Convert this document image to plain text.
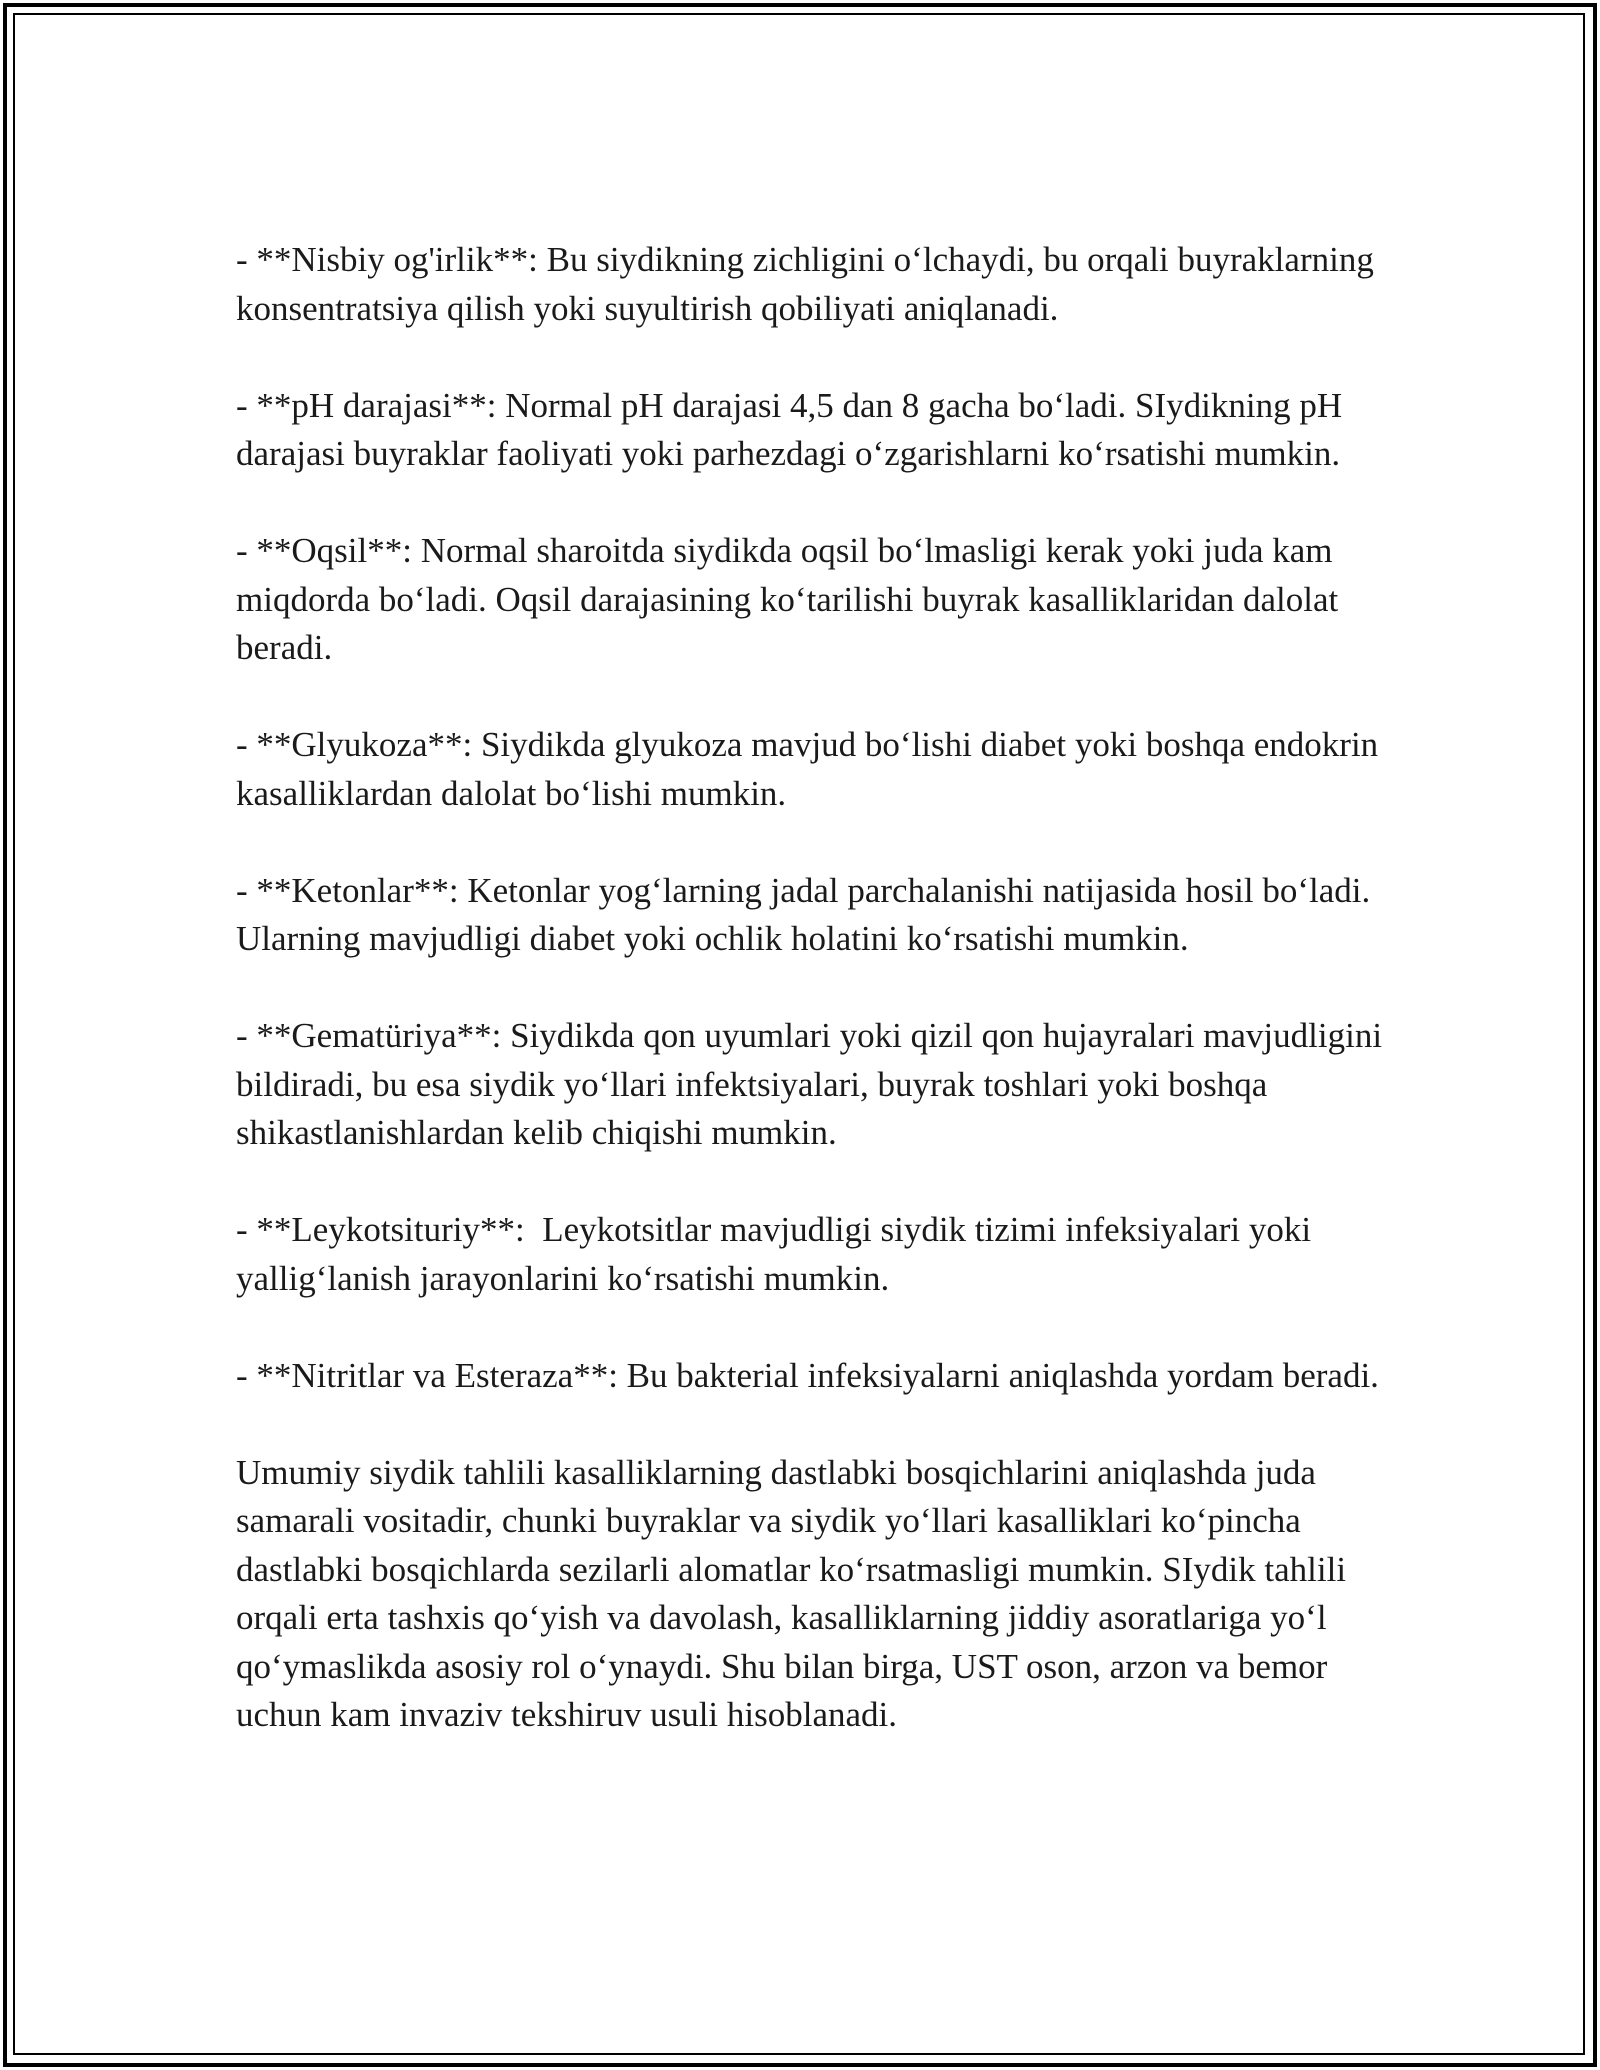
- **Nisbiy og'irlik**: Bu siydikning zichligini o‘lchaydi, bu orqali buyraklarning konsentratsiya qilish yoki suyultirish qobiliyati aniqlanadi.

- **pH darajasi**: Normal pH darajasi 4,5 dan 8 gacha bo‘ladi. SIydikning pH darajasi buyraklar faoliyati yoki parhezdagi o‘zgarishlarni ko‘rsatishi mumkin.

- **Oqsil**: Normal sharoitda siydikda oqsil bo‘lmasligi kerak yoki juda kam miqdorda bo‘ladi. Oqsil darajasining ko‘tarilishi buyrak kasalliklaridan dalolat beradi.

- **Glyukoza**: Siydikda glyukoza mavjud bo‘lishi diabet yoki boshqa endokrin kasalliklardan dalolat bo‘lishi mumkin.

- **Ketonlar**: Ketonlar yog‘larning jadal parchalanishi natijasida hosil bo‘ladi. Ularning mavjudligi diabet yoki ochlik holatini ko‘rsatishi mumkin.

- **Gematüriya**: Siydikda qon uyumlari yoki qizil qon hujayralari mavjudligini bildiradi, bu esa siydik yo‘llari infektsiyalari, buyrak toshlari yoki boshqa shikastlanishlardan kelib chiqishi mumkin.

- **Leykotsituriy**:  Leykotsitlar mavjudligi siydik tizimi infeksiyalari yoki yallig‘lanish jarayonlarini ko‘rsatishi mumkin.

- **Nitritlar va Esteraza**: Bu bakterial infeksiyalarni aniqlashda yordam beradi.

Umumiy siydik tahlili kasalliklarning dastlabki bosqichlarini aniqlashda juda samarali vositadir, chunki buyraklar va siydik yo‘llari kasalliklari ko‘pincha dastlabki bosqichlarda sezilarli alomatlar ko‘rsatmasligi mumkin. SIydik tahlili orqali erta tashxis qo‘yish va davolash, kasalliklarning jiddiy asoratlariga yo‘l qo‘ymaslikda asosiy rol o‘ynaydi. Shu bilan birga, UST oson, arzon va bemor uchun kam invaziv tekshiruv usuli hisoblanadi.
